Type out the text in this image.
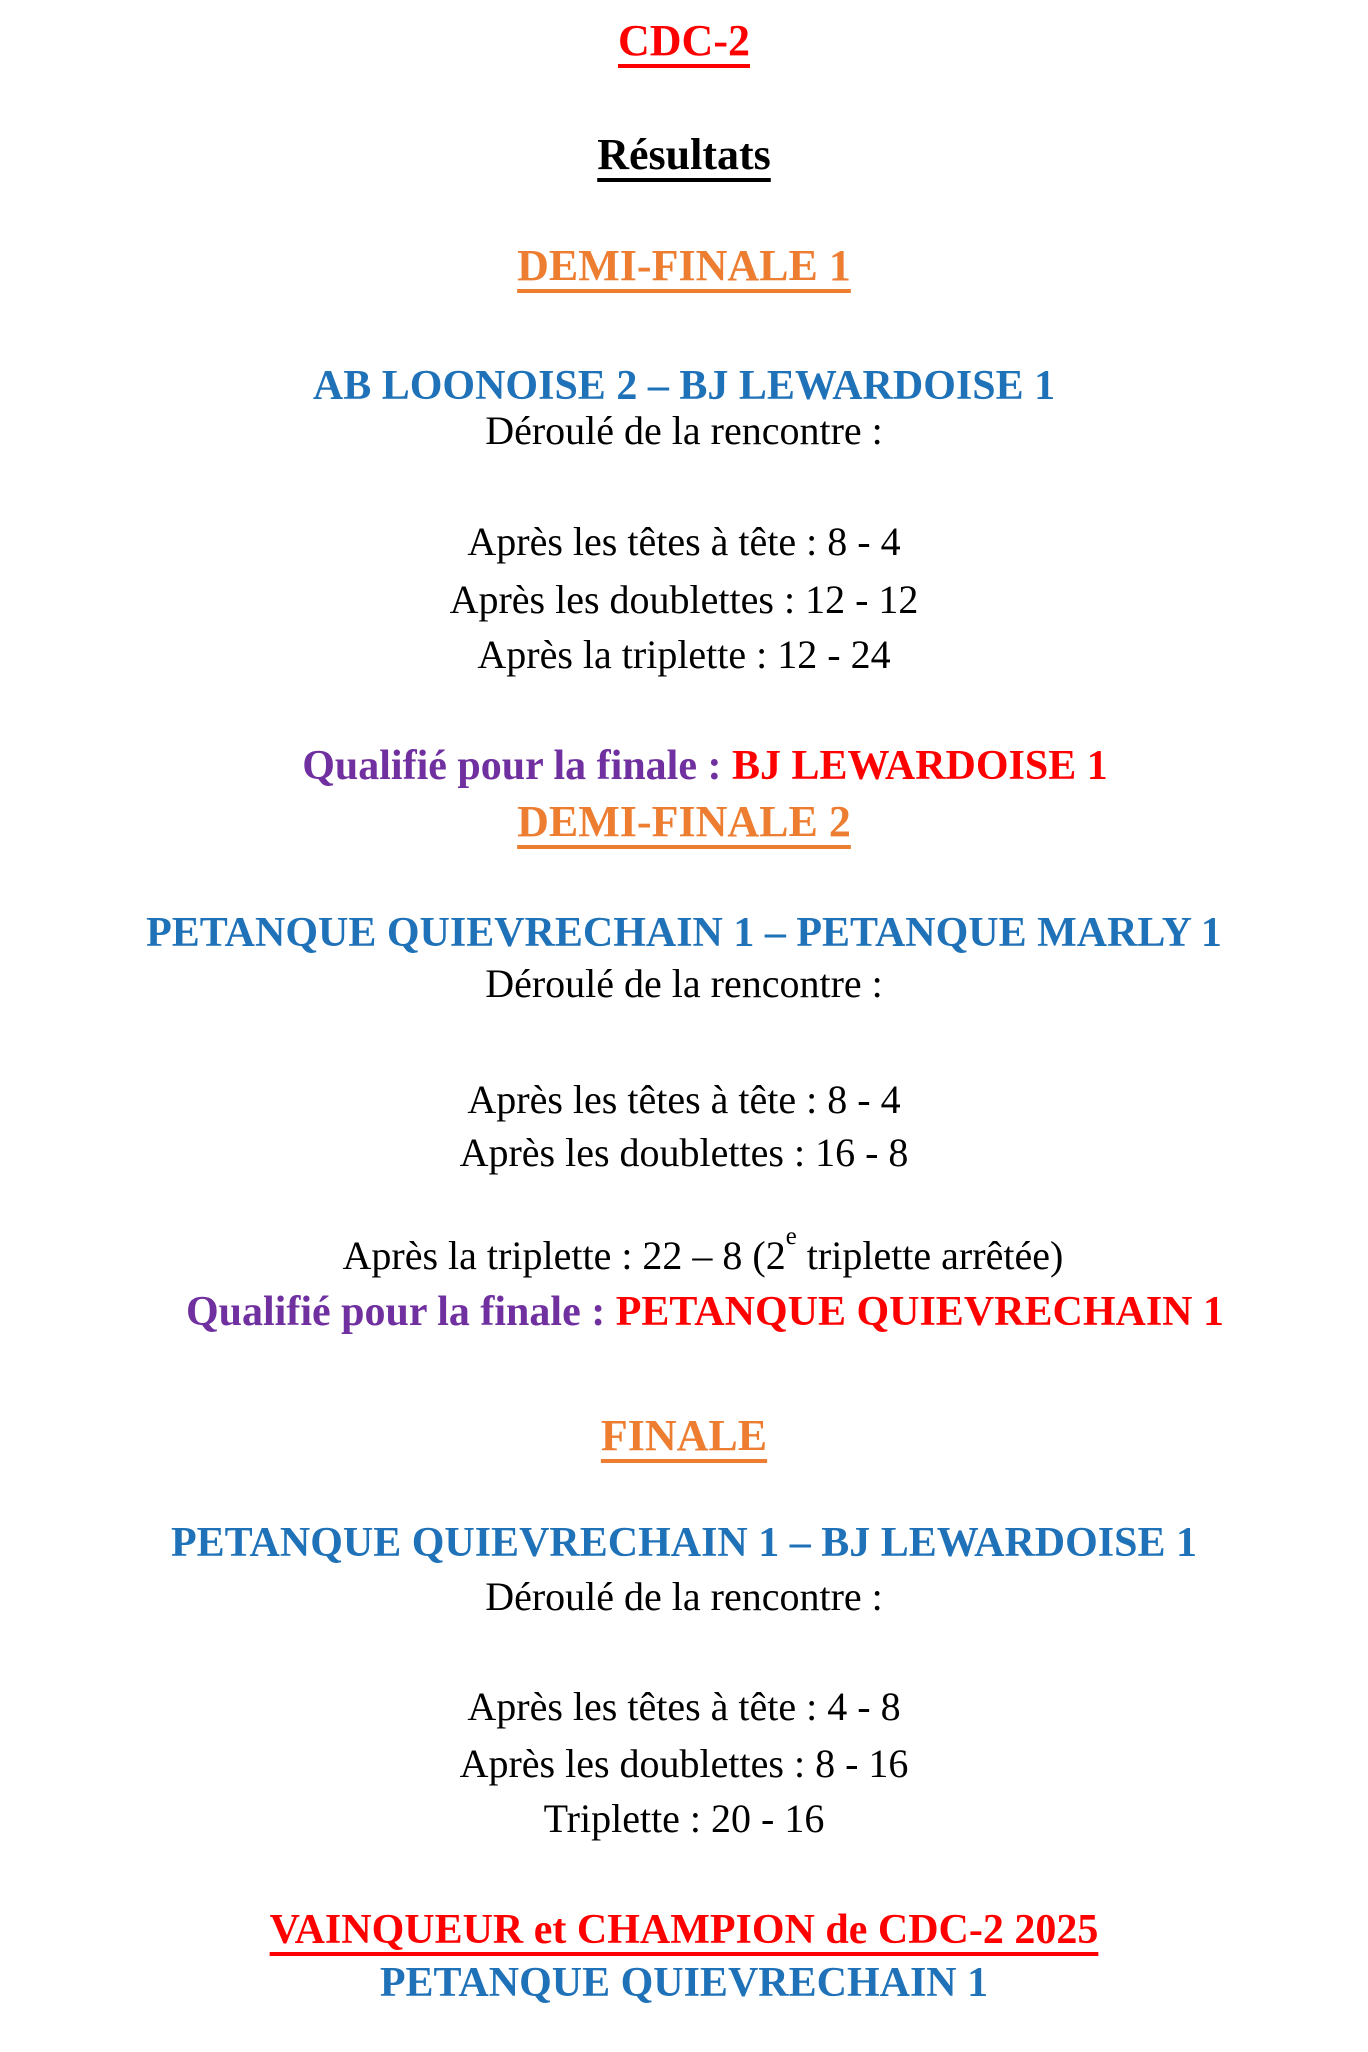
CDC-2
Résultats
DEMI-FINALE 1
AB LOONOISE 2 – BJ LEWARDOISE 1
Déroulé de la rencontre :
Après les têtes à tête : 8 - 4
Après les doublettes : 12 - 12
Après la triplette : 12 - 24

Qualifié pour la finale : BJ LEWARDOISE 1

DEMI-FINALE 2
PETANQUE QUIEVRECHAIN 1 – PETANQUE MARLY 1
Déroulé de la rencontre :
Après les têtes à tête : 8 - 4
Après les doublettes : 16 - 8

Après la triplette : 22 – 8 (2e triplette arrêtée)

Qualifié pour la finale : PETANQUE QUIEVRECHAIN 1

FINALE
PETANQUE QUIEVRECHAIN 1 – BJ LEWARDOISE 1
Déroulé de la rencontre :
Après les têtes à tête : 4 - 8
Après les doublettes : 8 - 16
Triplette : 20 - 16
VAINQUEUR et CHAMPION de CDC-2 2025
PETANQUE QUIEVRECHAIN 1
